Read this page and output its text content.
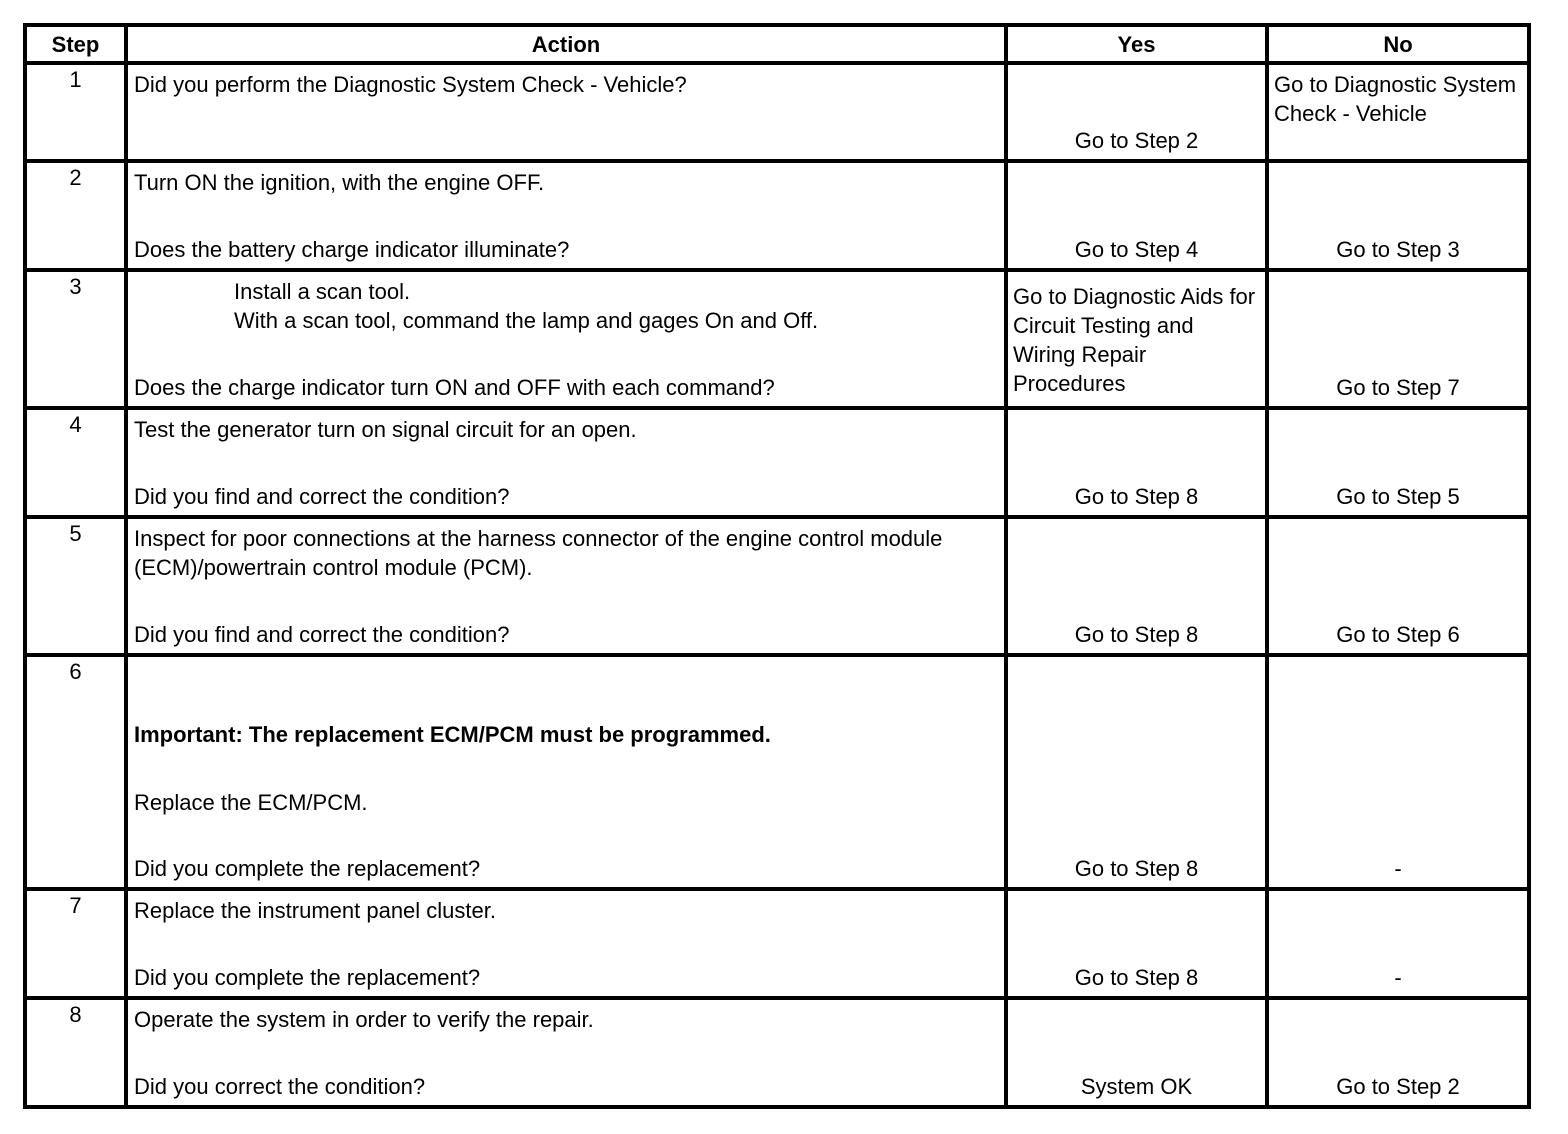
Step	Action	Yes	No
1	Did you perform the Diagnostic System Check - Vehicle?	Go to Step 2	Go to Diagnostic System Check - Vehicle

2	Turn ON the ignition, with the engine OFF.
Does the battery charge indicator illuminate?	Go to Step 4	Go to Step 3

3	Install a scan tool.
With a scan tool, command the lamp and gages On and Off.
Does the charge indicator turn ON and OFF with each command?	Go to Diagnostic Aids for Circuit Testing and Wiring Repair Procedures	Go to Step 7

4	Test the generator turn on signal circuit for an open.
Did you find and correct the condition?	Go to Step 8	Go to Step 5

5	Inspect for poor connections at the harness connector of the engine control module (ECM)/powertrain control module (PCM).
Did you find and correct the condition?	Go to Step 8	Go to Step 6

6	Important: The replacement ECM/PCM must be programmed.
Replace the ECM/PCM.
Did you complete the replacement?	Go to Step 8	-

7	Replace the instrument panel cluster.
Did you complete the replacement?	Go to Step 8	-

8	Operate the system in order to verify the repair.
Did you correct the condition?	System OK	Go to Step 2
